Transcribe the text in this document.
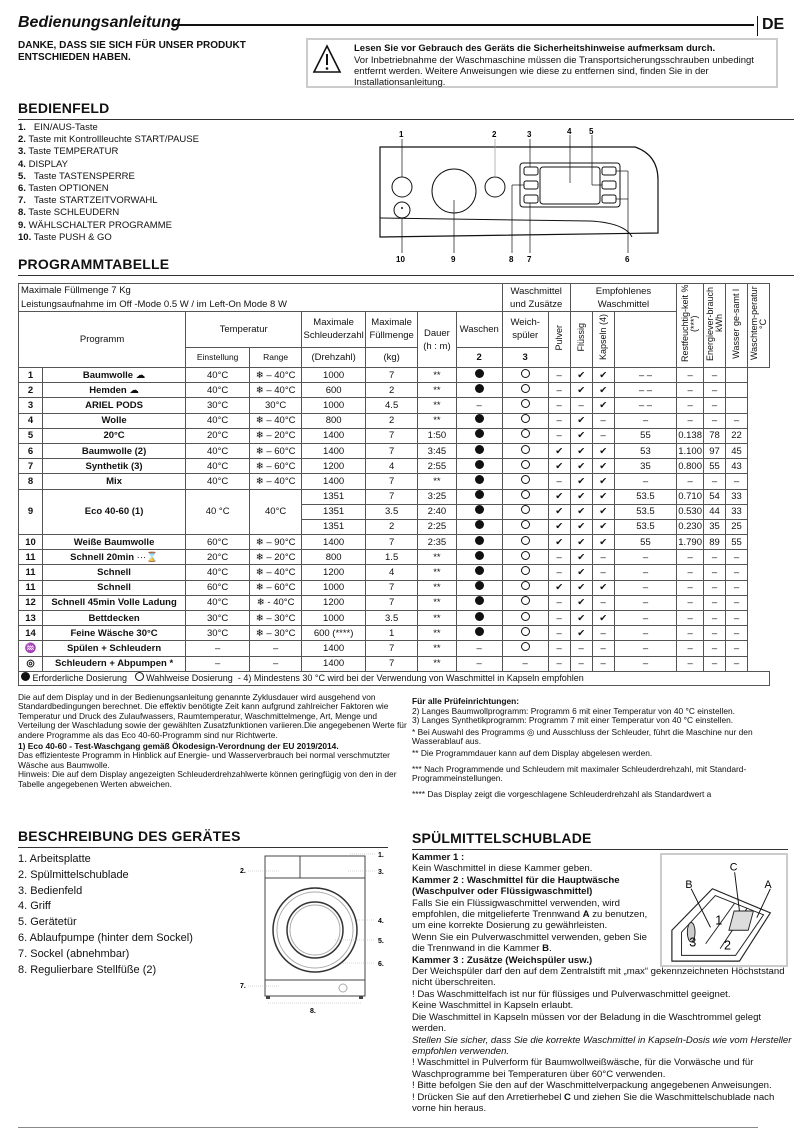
Bedienungsanleitung	DE
DANKE, DASS SIE SICH FÜR UNSER PRODUKT ENTSCHIEDEN HABEN.
Lesen Sie vor Gebrauch des Geräts die Sicherheitshinweise aufmerksam durch.
Vor Inbetriebnahme der Waschmaschine müssen die Transportsicherungsschrauben unbedingt entfernt werden. Weitere Anweisungen wie diese zu entfernen sind, finden Sie in der Installationsanleitung.
BEDIENFELD
1. EIN/AUS-Taste
2. Taste mit Kontrollleuchte START/PAUSE
3. Taste TEMPERATUR
4. DISPLAY
5. Taste TASTENSPERRE
6. Tasten OPTIONEN
7. Taste STARTZEITVORWAHL
8. Taste SCHLEUDERN
9. WÄHLSCHALTER PROGRAMME
10. Taste PUSH & GO
1	2	3	4 5
10	9	8 7	6
PROGRAMMTABELLE
Maximale Füllmenge 7 Kg								Waschmittel und Zusätze		Empfohlenes Waschmittel			Restfeuchtig-keit % (***)	Energiever-brauch kWh	Wasser ge-samt l	Waschtem-peratur °C
Leistungsaufnahme im Off -Mode 0.5 W / im Left-On Mode 8 W																
Programm		Temperatur		Maximale Schleuderzahl	Maximale Füllmenge	Dauer
(h : m)	Waschen	Weich-spüler	Pulver	Flüssig	Kapseln (4)					
		Einstellung	Range	(Drehzahl)	(kg)		2	3								
1	Baumwolle ☁	40°C	❄ – 40°C	1000	7	**			–	✔	✔	– –	–	–		
2	Hemden ☁	40°C	❄ – 40°C	600	2	**			–	✔	✔	– –	–	–		
3	ARIEL PODS	30°C	30°C	1000	4.5	**	–		–	–	✔	– –	–	–		
4	Wolle	40°C	❄ – 40°C	800	2	**			–	✔	–	–	–	–	–	
5	20°C	20°C	❄ – 20°C	1400	7	1:50			–	✔	–	55	0.138	78	22	
6	Baumwolle (2)	40°C	❄ – 60°C	1400	7	3:45			✔	✔	✔	53	1.100	97	45	
7	Synthetik (3)	40°C	❄ – 60°C	1200	4	2:55			✔	✔	✔	35	0.800	55	43	
8	Mix	40°C	❄ – 40°C	1400	7	**			–	✔	✔	–	–	–	–	
9	Eco 40-60 (1)	40 °C	40°C	1351	7	3:25			✔	✔	✔	53.5	0.710	54	33	
				1351	3.5	2:40			✔	✔	✔	53.5	0.530	44	33	
				1351	2	2:25			✔	✔	✔	53.5	0.230	35	25	
10	Weiße Baumwolle	60°C	❄ – 90°C	1400	7	2:35			✔	✔	✔	55	1.790	89	55	
11	Schnell 20min ···⌛	20°C	❄ – 20°C	800	1.5	**			–	✔	–	–	–	–	–	
11	Schnell	40°C	❄ – 40°C	1200	4	**			–	✔	–	–	–	–	–	
11	Schnell	60°C	❄ – 60°C	1000	7	**			✔	✔	✔	–	–	–	–	
12	Schnell 45min Volle Ladung	40°C	❄ - 40°C	1200	7	**			–	✔	–	–	–	–	–	
13	Bettdecken	30°C	❄ – 30°C	1000	3.5	**			–	✔	✔	–	–	–	–	
14	Feine Wäsche 30°C	30°C	❄ – 30°C	600 (****)	1	**			–	✔	–	–	–	–	–	
♒	Spülen + Schleudern	–	–	1400	7	**	–		–	–	–	–	–	–	–	
◎	Schleudern + Abpumpen *	–	–	1400	7	**	–	–	–	–	–	–	–	–	–	
Erforderliche Dosierung Wahlweise Dosierung - 4) Mindestens 30 °C wird bei der Verwendung von Waschmittel in Kapseln empfohlen																
Die auf dem Display und in der Bedienungsanleitung genannte Zyklusdauer wird ausgehend von Standardbedingungen berechnet. Die effektiv benötigte Zeit kann aufgrund zahlreicher Faktoren wie Temperatur und Druck des Zulaufwassers, Raumtemperatur, Waschmittelmenge, Art, Menge und Verteilung der Waschladung sowie der gewählten Zusatzfunktionen variieren.Die angegebenen Werte für andere Programme als das Eco 40-60-Programm sind nur Richtwerte.
1) Eco 40-60 - Test-Waschgang gemäß Ökodesign-Verordnung der EU 2019/2014.
Das effizienteste Programm in Hinblick auf Energie- und Wasserverbrauch bei normal verschmutzter Wäsche aus Baumwolle.
Hinweis: Die auf dem Display angezeigten Schleuderdrehzahlwerte können geringfügig von den in der Tabelle angegebenen Werten abweichen.
Für alle Prüfeinrichtungen:
2) Langes Baumwollprogramm: Programm 6 mit einer Temperatur von 40 °C einstellen.
3) Langes Synthetikprogramm: Programm 7 mit einer Temperatur von 40 °C einstellen.
* Bei Auswahl des Programms ◎ und Ausschluss der Schleuder, führt die Maschine nur den Wasserablauf aus.
** Die Programmdauer kann auf dem Display abgelesen werden.
*** Nach Programmende und Schleudern mit maximaler Schleuderdrehzahl, mit Standard-Programmeinstellungen.
**** Das Display zeigt die vorgeschlagene Schleuderdrehzahl als Standardwert a
BESCHREIBUNG DES GERÄTES
1. Arbeitsplatte
2. Spülmittelschublade
3. Bedienfeld
4. Griff
5. Gerätetür
6. Ablaufpumpe (hinter dem Sockel)
7. Sockel (abnehmbar)
8. Regulierbare Stellfüße (2)
1.
2.	3.
4.
5.
6.
7.
8.
SPÜLMITTELSCHUBLADE
Kammer 1 :
Kein Waschmittel in diese Kammer geben.
Kammer 2 : Waschmittel für die Hauptwäsche (Waschpulver oder Flüssigwaschmittel)
Falls Sie ein Flüssigwaschmittel verwenden, wird empfohlen, die mitgelieferte Trennwand A zu benutzen, um eine korrekte Dosierung zu gewährleisten.
Wenn Sie ein Pulverwaschmittel verwenden, geben Sie die Trennwand in die Kammer B.
Kammer 3 : Zusätze (Weichspüler usw.)
Der Weichspüler darf den auf dem Zentralstift mit „max“ gekennzeichneten Höchststand nicht überschreiten.
! Das Waschmittelfach ist nur für flüssiges und Pulverwaschmittel geeignet.
Keine Waschmittel in Kapseln erlaubt.
Die Waschmittel in Kapseln müssen vor der Beladung in die Waschtrommel gelegt werden.
Stellen Sie sicher, dass Sie die korrekte Waschmittel in Kapseln-Dosis wie vom Hersteller empfohlen verwenden.
! Waschmittel in Pulverform für Baumwollweißwäsche, für die Vorwäsche und für Waschprogramme bei Temperaturen über 60°C verwenden.
! Bitte befolgen Sie den auf der Waschmittelverpackung angegebenen Anweisungen.
! Drücken Sie auf den Arretierhebel C und ziehen Sie die Waschmittelschublade nach vorne hin heraus.
B
C
A
1
2
3
